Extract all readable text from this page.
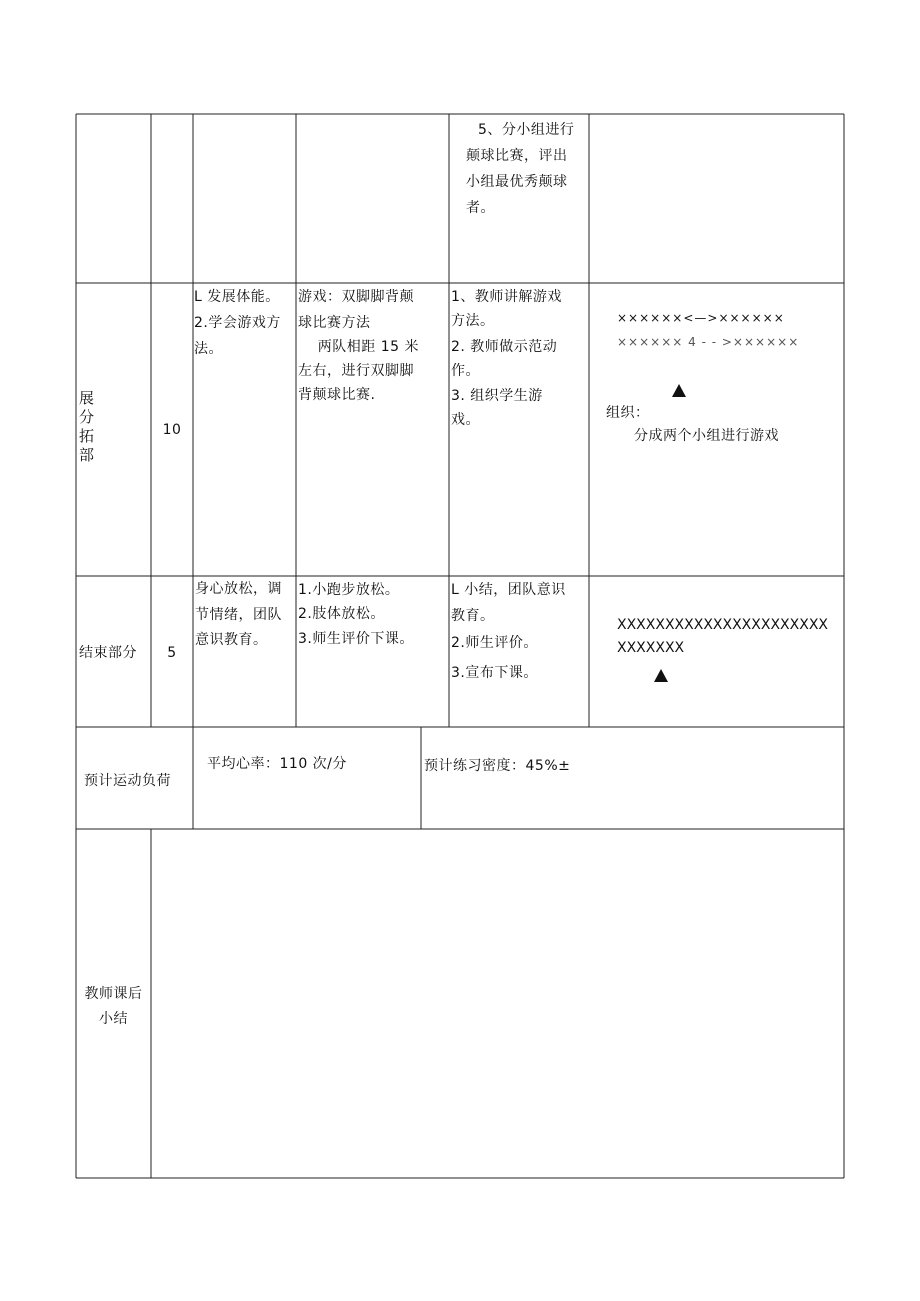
5、分小组进行
颠球比赛，评出
小组最优秀颠球
者。
展
分
拓
部
10
L 发展体能。
2.学会游戏方
法。
游戏：双脚脚背颠
球比赛方法
两队相距 15 米
左右，进行双脚脚
背颠球比赛.
1、教师讲解游戏
方法。
2. 教师做示范动
作。
3. 组织学生游
戏。
××××××<—>××××××
×××××× 4 - - >××××××
组织：
分成两个小组进行游戏
结束部分	5
身心放松，调
节情绪，团队
意识教育。
1.小跑步放松。
2.肢体放松。
3.师生评价下课。
L 小结，团队意识
教育。
2.师生评价。
3.宣布下课。
XXXXXXXXXXXXXXXXXXXXXX
XXXXXXX
预计运动负荷
平均心率：110 次/分	预计练习密度：45%±
教师课后
小结
